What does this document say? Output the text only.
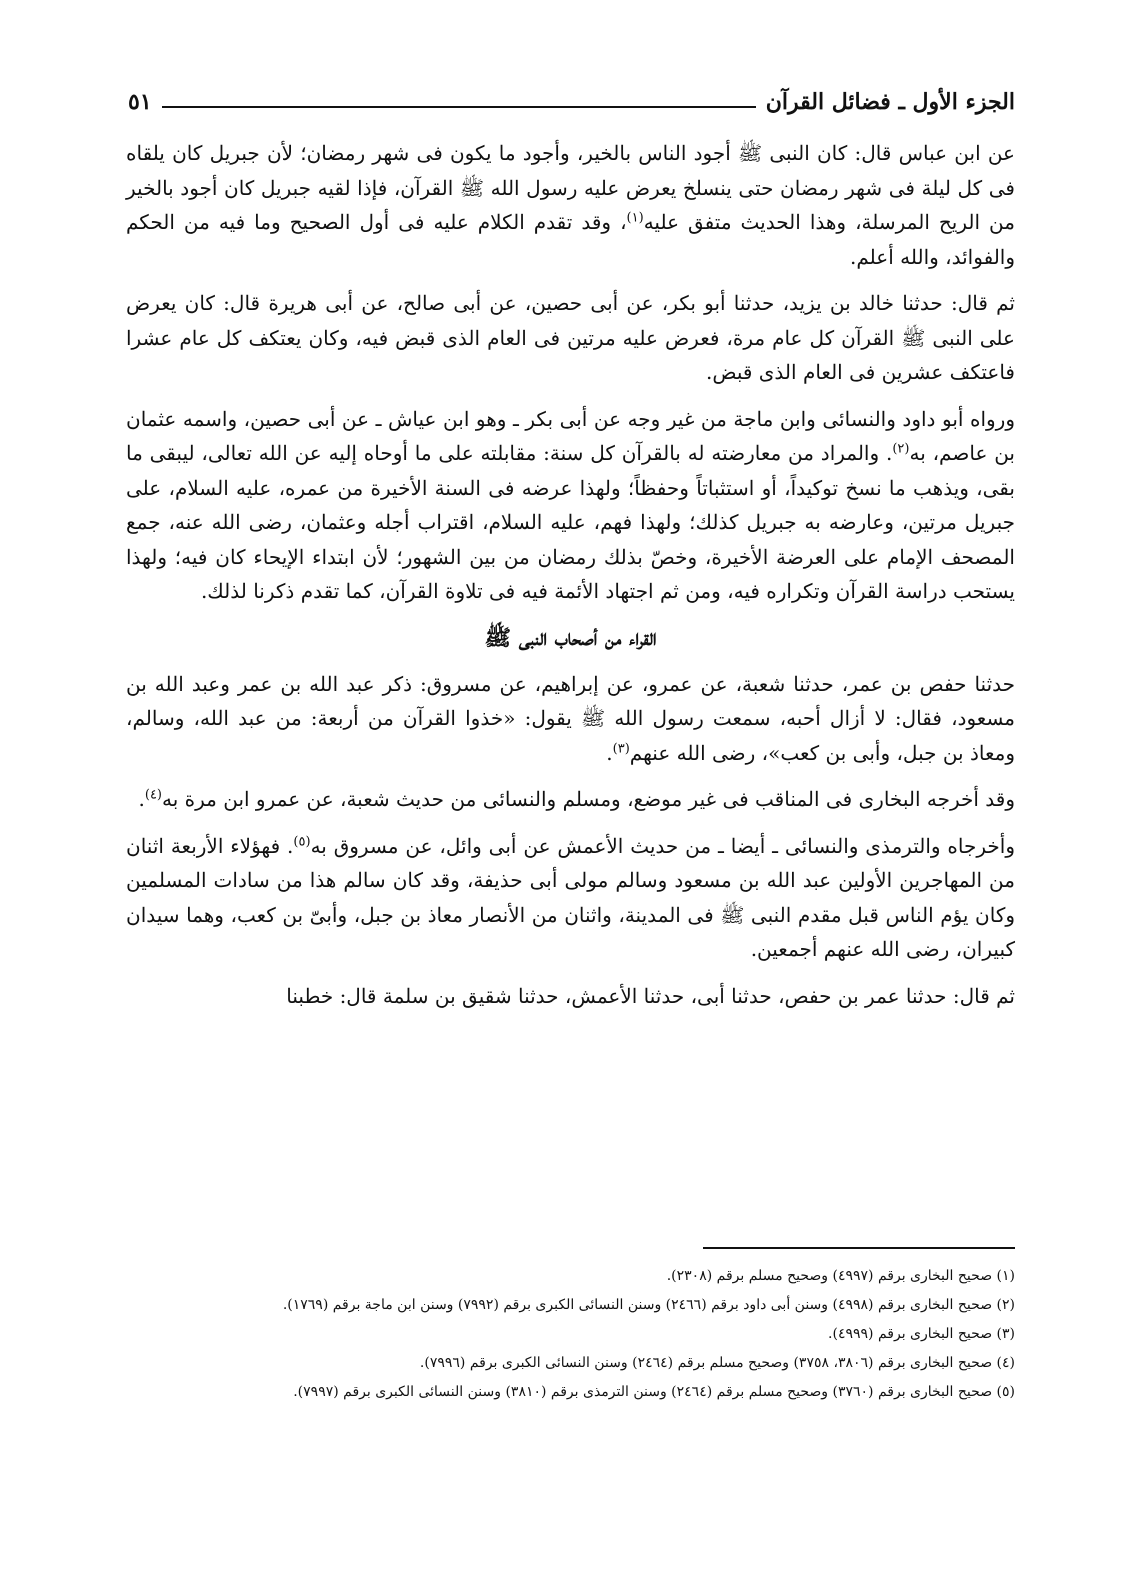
الجزء الأول ـ فضائل القرآن
٥١

عن ابن عباس قال: كان النبى ﷺ أجود الناس بالخير، وأجود ما يكون فى شهر رمضان؛ لأن جبريل كان يلقاه فى كل ليلة فى شهر رمضان حتى ينسلخ يعرض عليه رسول الله ﷺ القرآن، فإذا لقيه جبريل كان أجود بالخير من الريح المرسلة، وهذا الحديث متفق عليه$^{(١)}$، وقد تقدم الكلام عليه فى أول الصحيح وما فيه من الحكم والفوائد، والله أعلم.

ثم قال: حدثنا خالد بن يزيد، حدثنا أبو بكر، عن أبى حصين، عن أبى صالح، عن أبى هريرة قال: كان يعرض على النبى ﷺ القرآن كل عام مرة، فعرض عليه مرتين فى العام الذى قبض فيه، وكان يعتكف كل عام عشرا فاعتكف عشرين فى العام الذى قبض.

ورواه أبو داود والنسائى وابن ماجة من غير وجه عن أبى بكر ـ وهو ابن عياش ـ عن أبى حصين، واسمه عثمان بن عاصم، به$^{(٢)}$. والمراد من معارضته له بالقرآن كل سنة: مقابلته على ما أوحاه إليه عن الله تعالى، ليبقى ما بقى، ويذهب ما نسخ توكيداً، أو استثباتاً وحفظاً؛ ولهذا عرضه فى السنة الأخيرة من عمره، عليه السلام، على جبريل مرتين، وعارضه به جبريل كذلك؛ ولهذا فهم، عليه السلام، اقتراب أجله وعثمان، رضى الله عنه، جمع المصحف الإمام على العرضة الأخيرة، وخصّ بذلك رمضان من بين الشهور؛ لأن ابتداء الإيحاء كان فيه؛ ولهذا يستحب دراسة القرآن وتكراره فيه، ومن ثم اجتهاد الأئمة فيه فى تلاوة القرآن، كما تقدم ذكرنا لذلك.

القراء من أصحاب النبى ﷺ

حدثنا حفص بن عمر، حدثنا شعبة، عن عمرو، عن إبراهيم، عن مسروق: ذكر عبد الله بن عمر وعبد الله بن مسعود، فقال: لا أزال أحبه، سمعت رسول الله ﷺ يقول: «خذوا القرآن من أربعة: من عبد الله، وسالم، ومعاذ بن جبل، وأبى بن كعب»، رضى الله عنهم$^{(٣)}$.

وقد أخرجه البخارى فى المناقب فى غير موضع، ومسلم والنسائى من حديث شعبة، عن عمرو ابن مرة به$^{(٤)}$.

وأخرجاه والترمذى والنسائى ـ أيضا ـ من حديث الأعمش عن أبى وائل، عن مسروق به$^{(٥)}$. فهؤلاء الأربعة اثنان من المهاجرين الأولين عبد الله بن مسعود وسالم مولى أبى حذيفة، وقد كان سالم هذا من سادات المسلمين وكان يؤم الناس قبل مقدم النبى ﷺ فى المدينة، واثنان من الأنصار معاذ بن جبل، وأبىّ بن كعب، وهما سيدان كبيران، رضى الله عنهم أجمعين.

ثم قال: حدثنا عمر بن حفص، حدثنا أبى، حدثنا الأعمش، حدثنا شقيق بن سلمة قال: خطبنا

(١) صحيح البخارى برقم (٤٩٩٧) وصحيح مسلم برقم (٢٣٠٨).

(٢) صحيح البخارى برقم (٤٩٩٨) وسنن أبى داود برقم (٢٤٦٦) وسنن النسائى الكبرى برقم (٧٩٩٢) وسنن ابن ماجة برقم (١٧٦٩).

(٣) صحيح البخارى برقم (٤٩٩٩).

(٤) صحيح البخارى برقم (٣٨٠٦، ٣٧٥٨) وصحيح مسلم برقم (٢٤٦٤) وسنن النسائى الكبرى برقم (٧٩٩٦).

(٥) صحيح البخارى برقم (٣٧٦٠) وصحيح مسلم برقم (٢٤٦٤) وسنن الترمذى برقم (٣٨١٠) وسنن النسائى الكبرى برقم (٧٩٩٧).
